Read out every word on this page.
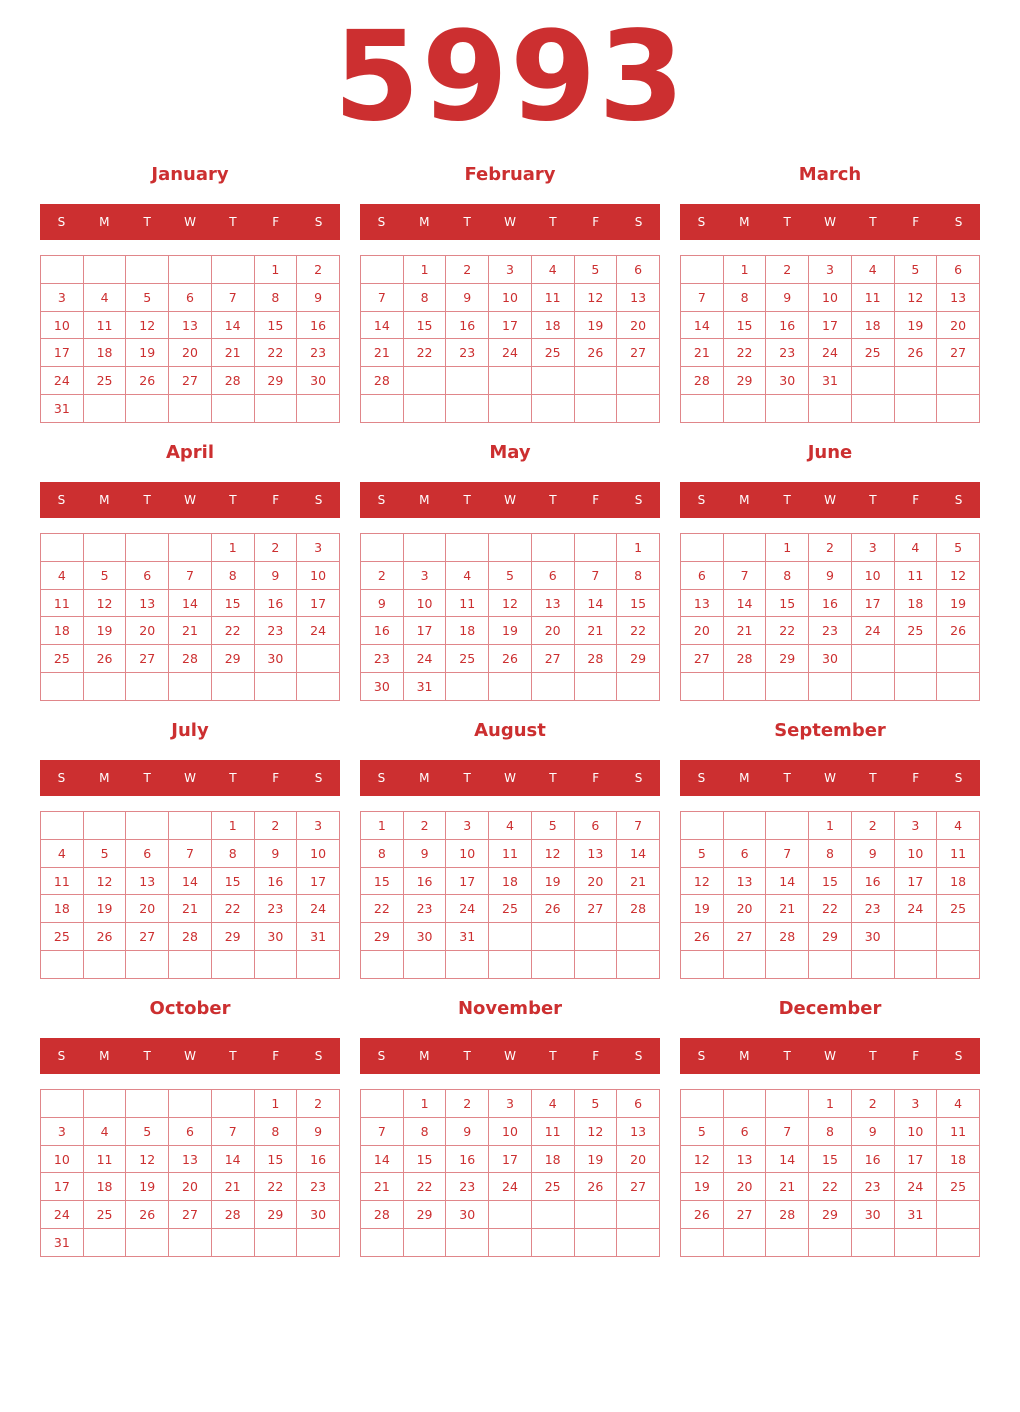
5993
January
S	M	T	W	T	F	S
					1	2
3	4	5	6	7	8	9
10	11	12	13	14	15	16
17	18	19	20	21	22	23
24	25	26	27	28	29	30
31						
February
S	M	T	W	T	F	S
	1	2	3	4	5	6
7	8	9	10	11	12	13
14	15	16	17	18	19	20
21	22	23	24	25	26	27
28						

March
S	M	T	W	T	F	S
	1	2	3	4	5	6
7	8	9	10	11	12	13
14	15	16	17	18	19	20
21	22	23	24	25	26	27
28	29	30	31			

April
S	M	T	W	T	F	S
				1	2	3
4	5	6	7	8	9	10
11	12	13	14	15	16	17
18	19	20	21	22	23	24
25	26	27	28	29	30	

May
S	M	T	W	T	F	S
						1
2	3	4	5	6	7	8
9	10	11	12	13	14	15
16	17	18	19	20	21	22
23	24	25	26	27	28	29
30	31					
June
S	M	T	W	T	F	S
		1	2	3	4	5
6	7	8	9	10	11	12
13	14	15	16	17	18	19
20	21	22	23	24	25	26
27	28	29	30			

July
S	M	T	W	T	F	S
				1	2	3
4	5	6	7	8	9	10
11	12	13	14	15	16	17
18	19	20	21	22	23	24
25	26	27	28	29	30	31

August
S	M	T	W	T	F	S
1	2	3	4	5	6	7
8	9	10	11	12	13	14
15	16	17	18	19	20	21
22	23	24	25	26	27	28
29	30	31				

September
S	M	T	W	T	F	S
			1	2	3	4
5	6	7	8	9	10	11
12	13	14	15	16	17	18
19	20	21	22	23	24	25
26	27	28	29	30		

October
S	M	T	W	T	F	S
					1	2
3	4	5	6	7	8	9
10	11	12	13	14	15	16
17	18	19	20	21	22	23
24	25	26	27	28	29	30
31						
November
S	M	T	W	T	F	S
	1	2	3	4	5	6
7	8	9	10	11	12	13
14	15	16	17	18	19	20
21	22	23	24	25	26	27
28	29	30				

December
S	M	T	W	T	F	S
			1	2	3	4
5	6	7	8	9	10	11
12	13	14	15	16	17	18
19	20	21	22	23	24	25
26	27	28	29	30	31	
